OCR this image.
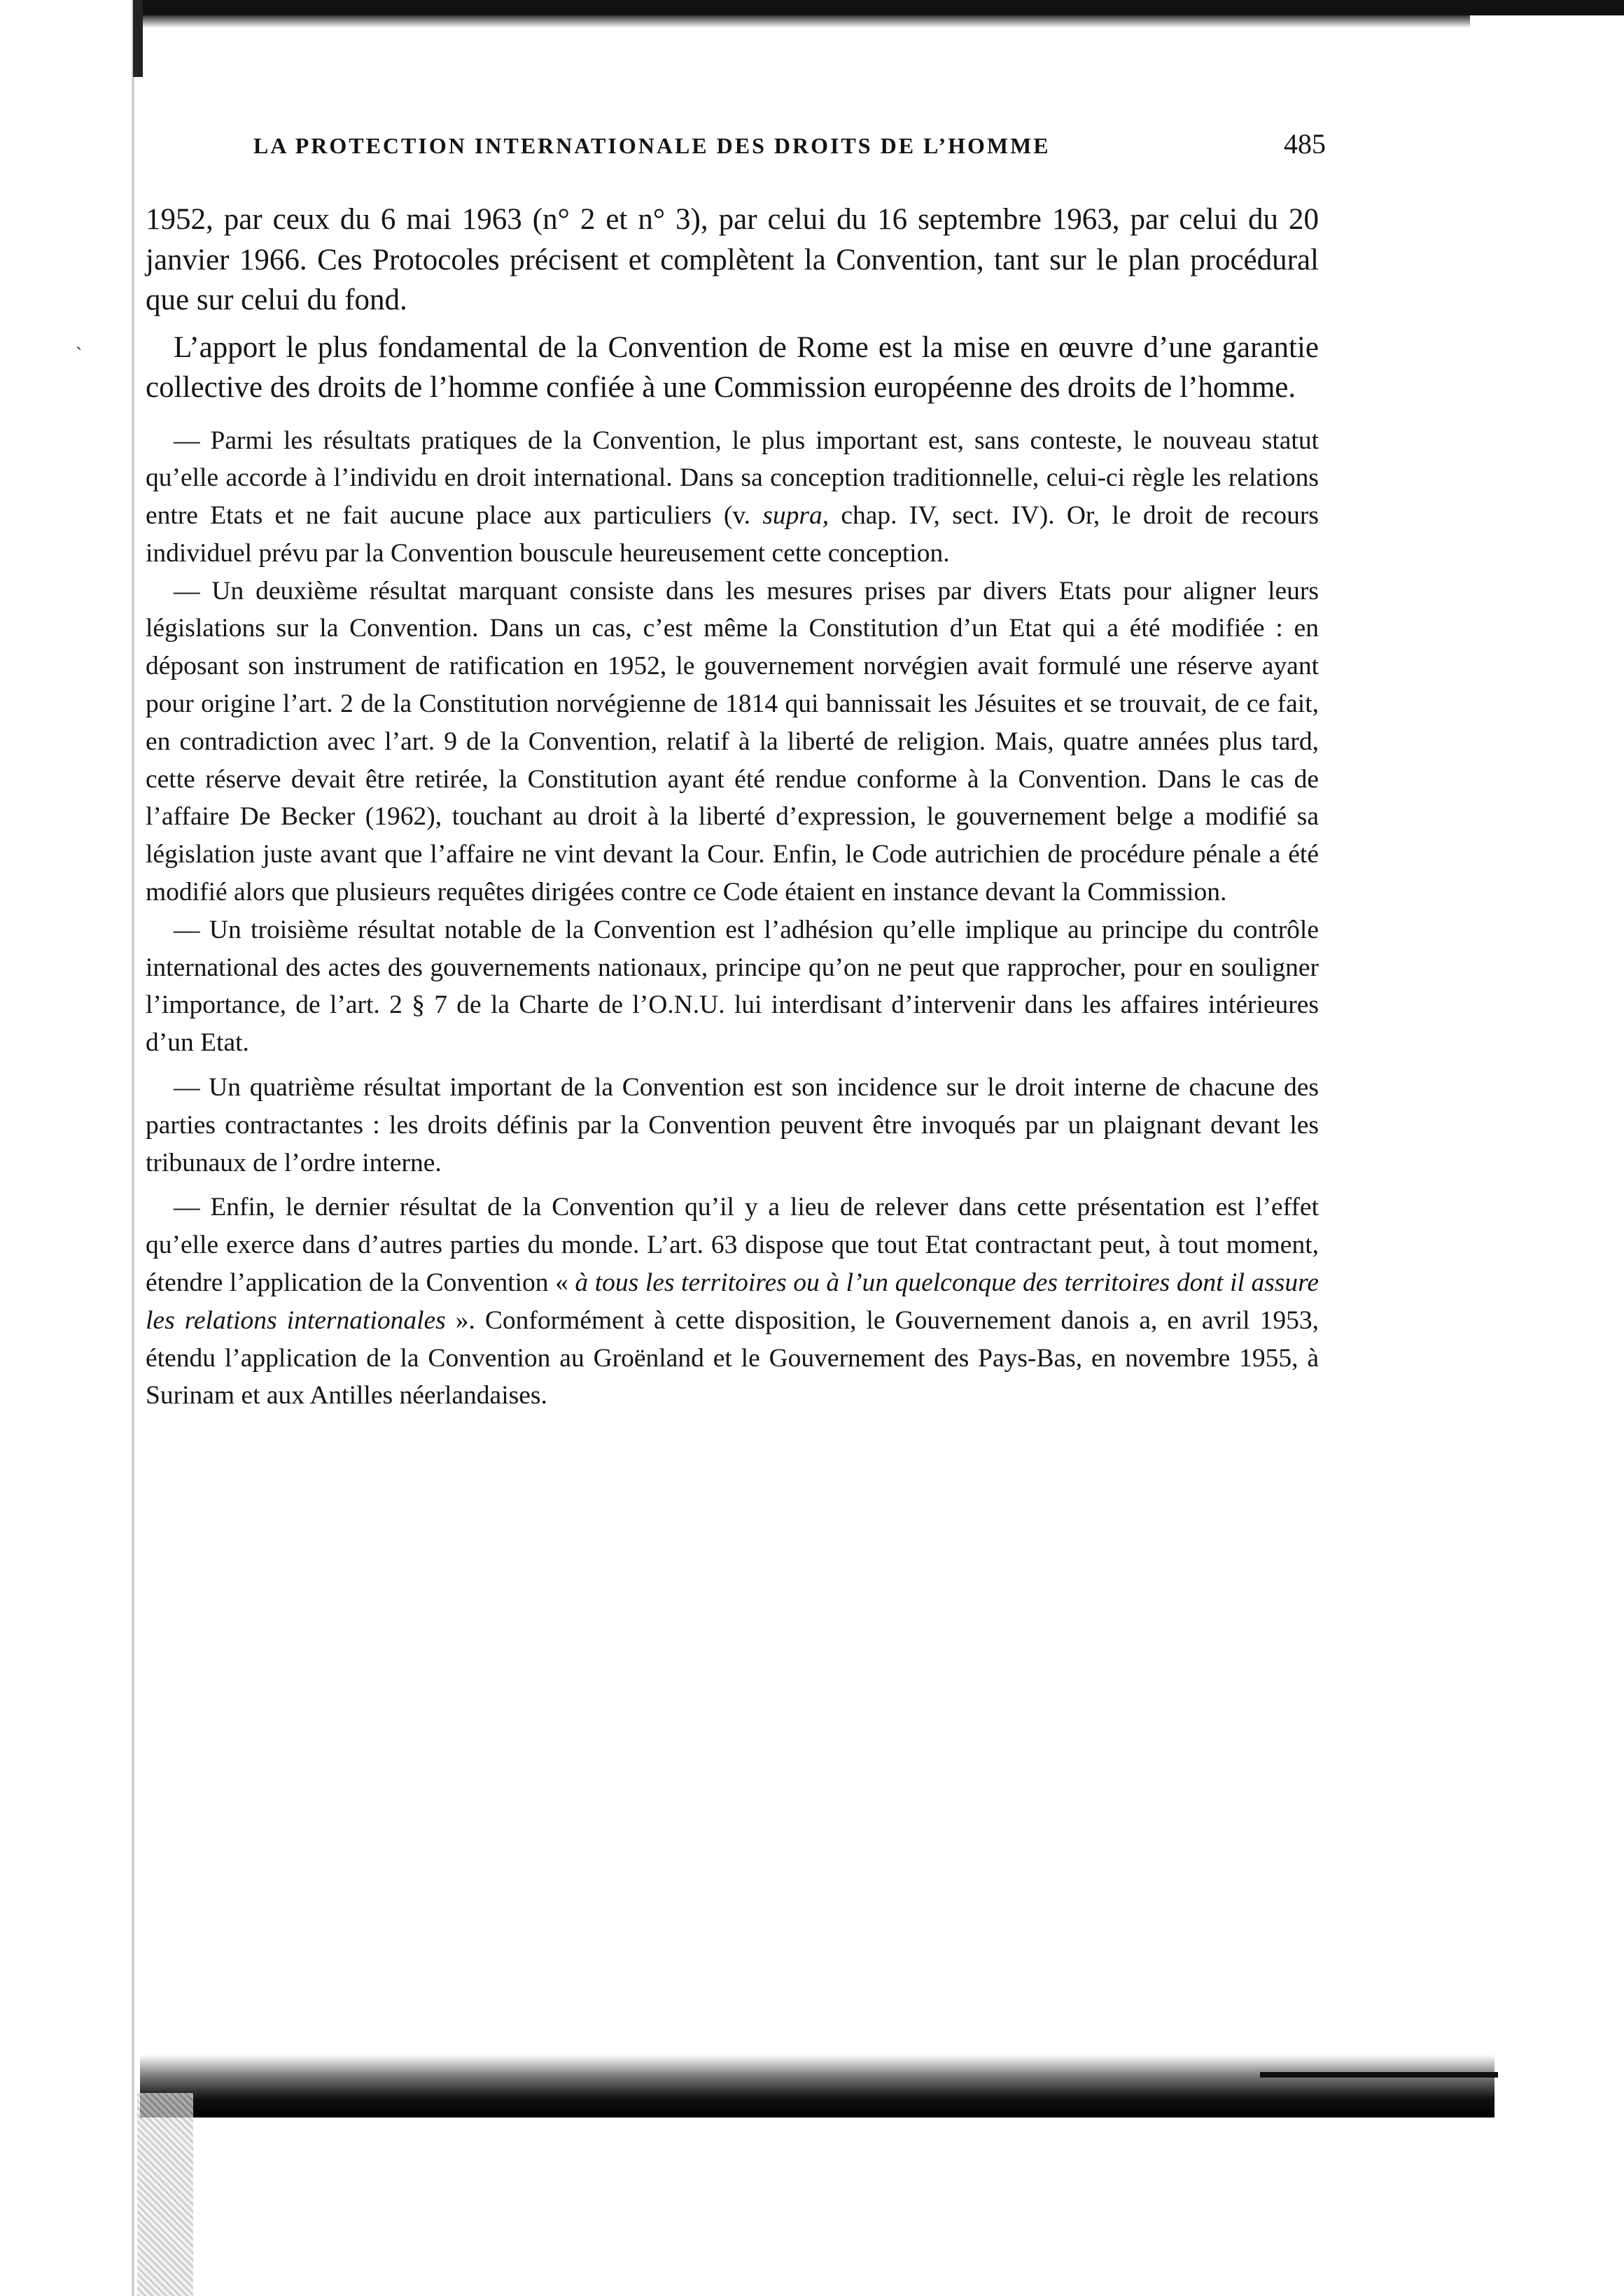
ˎ
LA PROTECTION INTERNATIONALE DES DROITS DE L’HOMME	485

1952, par ceux du 6 mai 1963 (n° 2 et n° 3), par celui du 16 septembre 1963, par celui du 20 janvier 1966. Ces Protocoles précisent et complètent la Convention, tant sur le plan procédural que sur celui du fond.

L’apport le plus fondamental de la Convention de Rome est la mise en œuvre d’une garantie collective des droits de l’homme confiée à une Commission européenne des droits de l’homme.

— Parmi les résultats pratiques de la Convention, le plus important est, sans conteste, le nouveau statut qu’elle accorde à l’individu en droit international. Dans sa conception traditionnelle, celui-ci règle les relations entre Etats et ne fait aucune place aux particuliers (v. supra, chap. IV, sect. IV). Or, le droit de recours individuel prévu par la Convention bouscule heureusement cette conception.

— Un deuxième résultat marquant consiste dans les mesures prises par divers Etats pour aligner leurs législations sur la Convention. Dans un cas, c’est même la Constitution d’un Etat qui a été modifiée : en déposant son instrument de ratification en 1952, le gouvernement norvégien avait formulé une réserve ayant pour origine l’art. 2 de la Constitution norvégienne de 1814 qui bannissait les Jésuites et se trouvait, de ce fait, en contradiction avec l’art. 9 de la Convention, relatif à la liberté de religion. Mais, quatre années plus tard, cette réserve devait être retirée, la Constitution ayant été rendue conforme à la Convention. Dans le cas de l’affaire De Becker (1962), touchant au droit à la liberté d’expression, le gouvernement belge a modifié sa législation juste avant que l’affaire ne vint devant la Cour. Enfin, le Code autrichien de procédure pénale a été modifié alors que plusieurs requêtes dirigées contre ce Code étaient en instance devant la Commission.

— Un troisième résultat notable de la Convention est l’adhésion qu’elle implique au principe du contrôle international des actes des gouvernements nationaux, principe qu’on ne peut que rapprocher, pour en souligner l’importance, de l’art. 2 § 7 de la Charte de l’O.N.U. lui interdisant d’intervenir dans les affaires intérieures d’un Etat.

— Un quatrième résultat important de la Convention est son incidence sur le droit interne de chacune des parties contractantes : les droits définis par la Convention peuvent être invoqués par un plaignant devant les tribunaux de l’ordre interne.

— Enfin, le dernier résultat de la Convention qu’il y a lieu de relever dans cette présentation est l’effet qu’elle exerce dans d’autres parties du monde. L’art. 63 dispose que tout Etat contractant peut, à tout moment, étendre l’application de la Convention « à tous les territoires ou à l’un quelconque des territoires dont il assure les relations internationales ». Conformément à cette disposition, le Gouvernement danois a, en avril 1953, étendu l’application de la Convention au Groënland et le Gouvernement des Pays-Bas, en novembre 1955, à Surinam et aux Antilles néerlandaises.
